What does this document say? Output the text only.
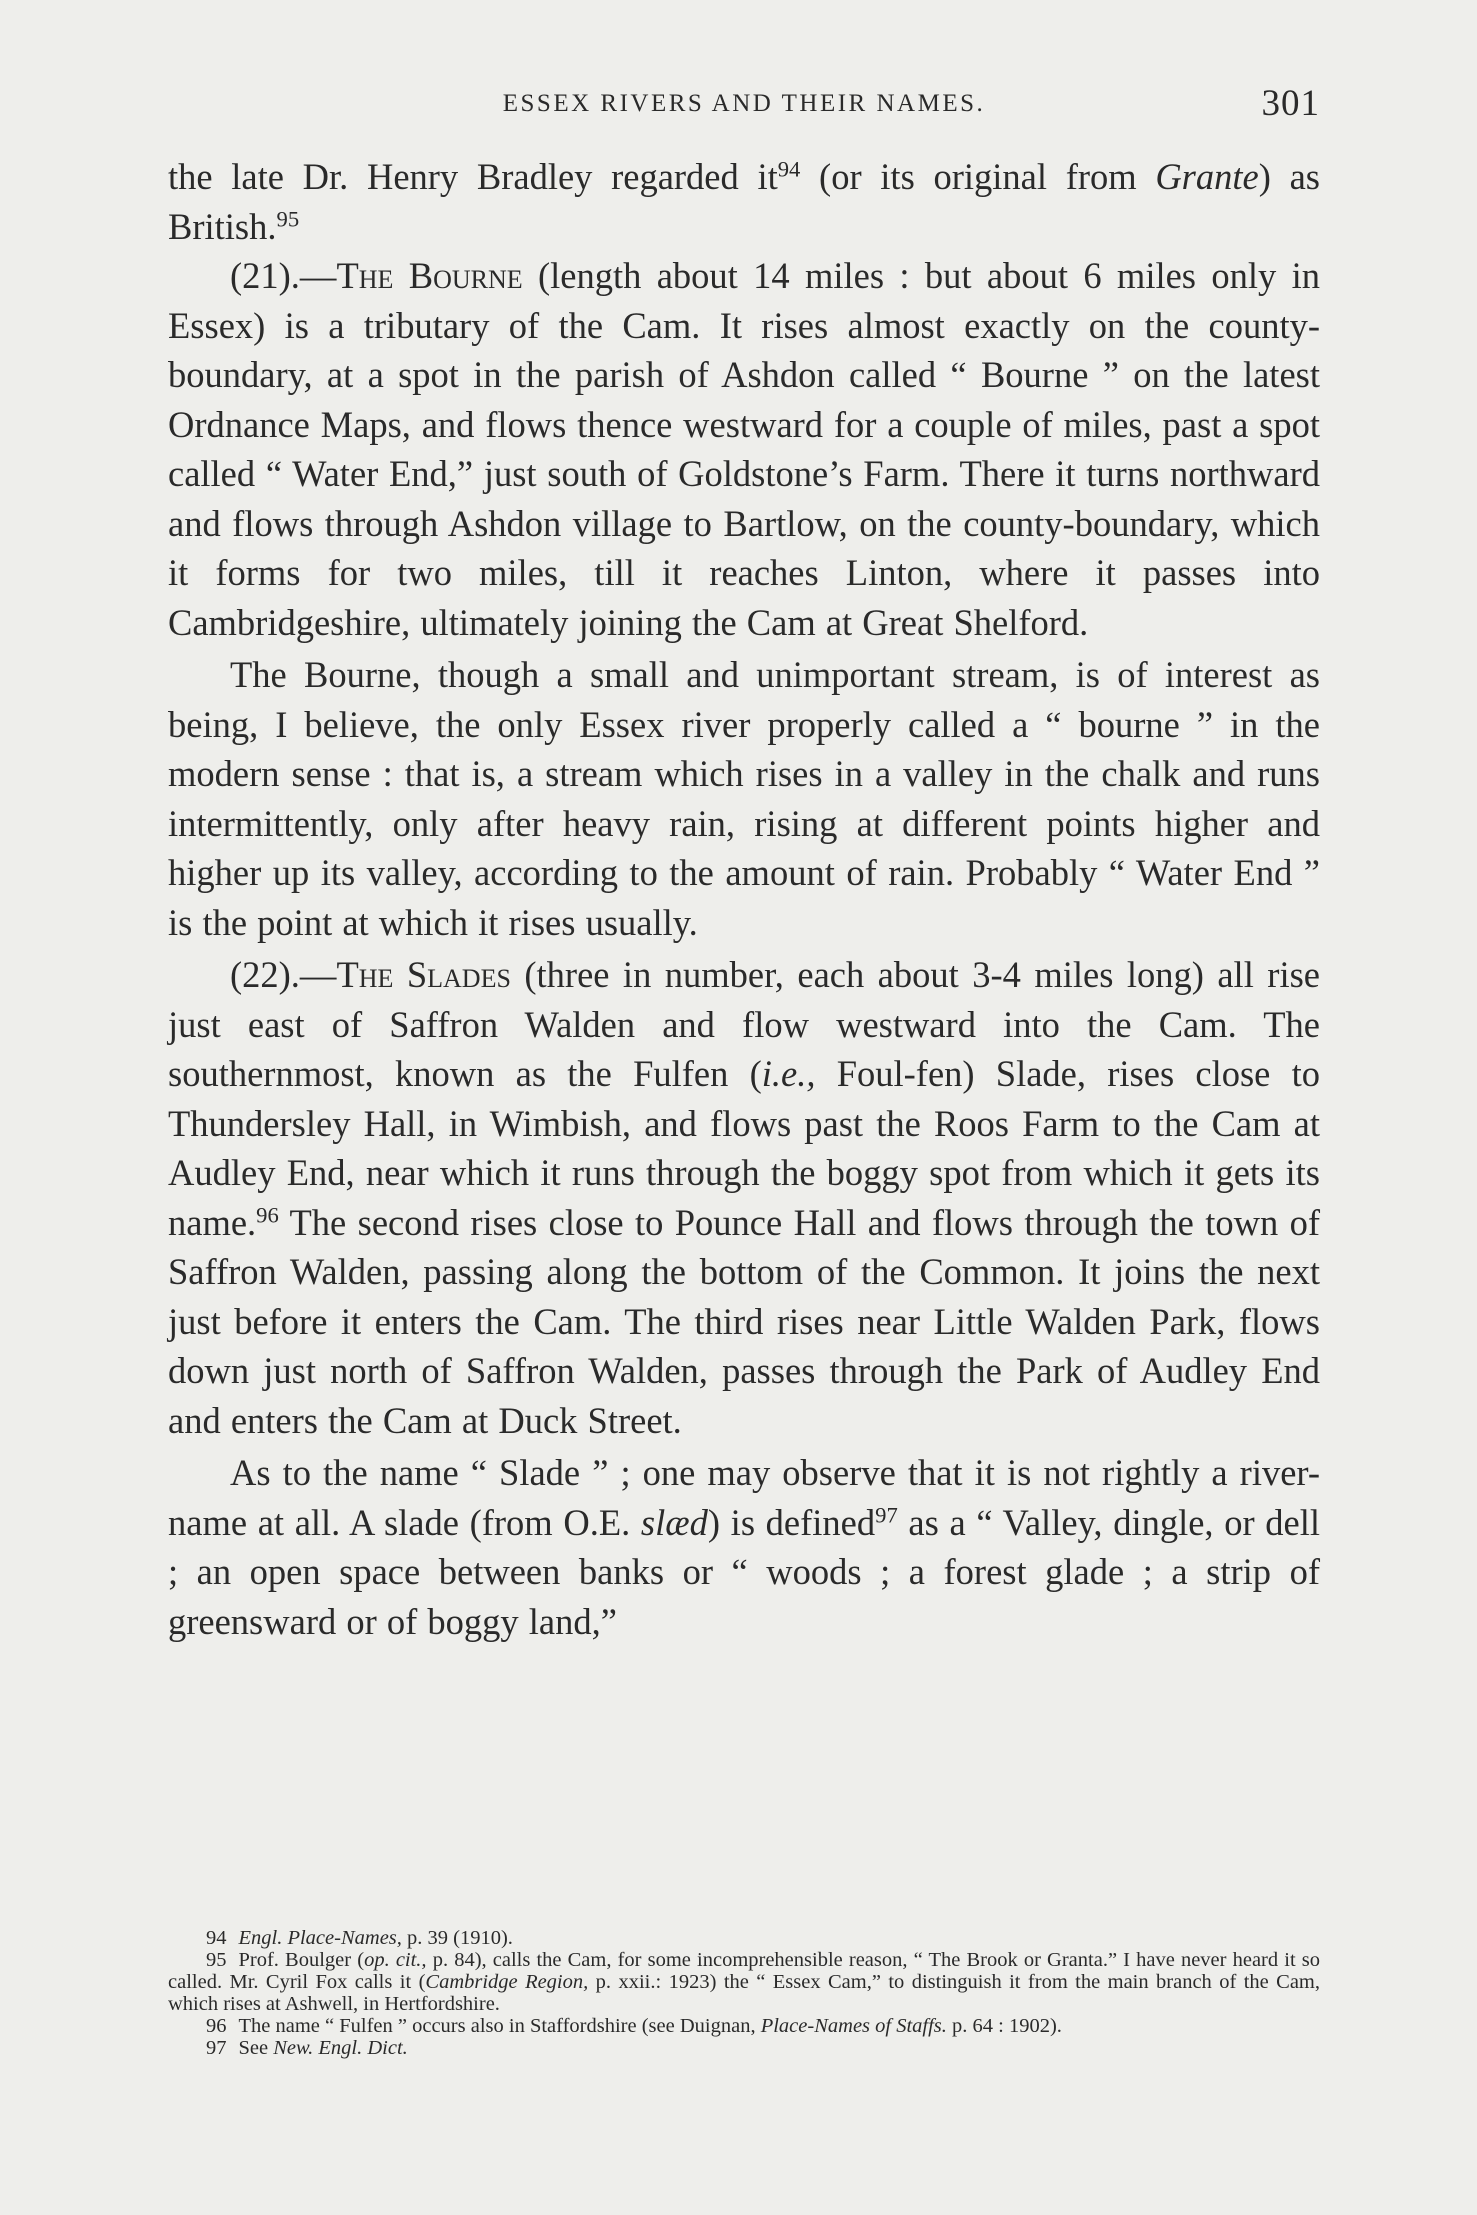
ESSEX RIVERS AND THEIR NAMES.	301

the late Dr. Henry Bradley regarded $it^{94}$ (or its original from Grante) as British.$^{95}$

(21).—The Bourne (length about 14 miles : but about 6 miles only in Essex) is a tributary of the Cam. It rises almost exactly on the county-boundary, at a spot in the parish of Ashdon called “ Bourne ” on the latest Ordnance Maps, and flows thence westward for a couple of miles, past a spot called “ Water End,” just south of Goldstone’s Farm. There it turns northward and flows through Ashdon village to Bartlow, on the county-boundary, which it forms for two miles, till it reaches Linton, where it passes into Cambridgeshire, ultimately joining the Cam at Great Shelford.

The Bourne, though a small and unimportant stream, is of interest as being, I believe, the only Essex river properly called a “ bourne ” in the modern sense : that is, a stream which rises in a valley in the chalk and runs intermittently, only after heavy rain, rising at different points higher and higher up its valley, according to the amount of rain. Probably “ Water End ” is the point at which it rises usually.

(22).—The Slades (three in number, each about 3-4 miles long) all rise just east of Saffron Walden and flow westward into the Cam. The southernmost, known as the Fulfen (i.e., Foul-fen) Slade, rises close to Thundersley Hall, in Wimbish, and flows past the Roos Farm to the Cam at Audley End, near which it runs through the boggy spot from which it gets its name.$^{96}$ The second rises close to Pounce Hall and flows through the town of Saffron Walden, passing along the bottom of the Common. It joins the next just before it enters the Cam. The third rises near Little Walden Park, flows down just north of Saffron Walden, passes through the Park of Audley End and enters the Cam at Duck Street.

As to the name “ Slade ” ; one may observe that it is not rightly a river-name at all. A slade (from O.E. slæd) is defined$^{97}$ as a “ Valley, dingle, or dell ; an open space between banks or “ woods ; a forest glade ; a strip of greensward or of boggy land,”

94 Engl. Place-Names, p. 39 (1910).

95 Prof. Boulger (op. cit., p. 84), calls the Cam, for some incomprehensible reason, “ The Brook or Granta.” I have never heard it so called. Mr. Cyril Fox calls it (Cambridge Region, p. xxii.: 1923) the “ Essex Cam,” to distinguish it from the main branch of the Cam, which rises at Ashwell, in Hertfordshire.

96 The name “ Fulfen ” occurs also in Staffordshire (see Duignan, Place-Names of Staffs. p. 64 : 1902).

97 See New. Engl. Dict.
